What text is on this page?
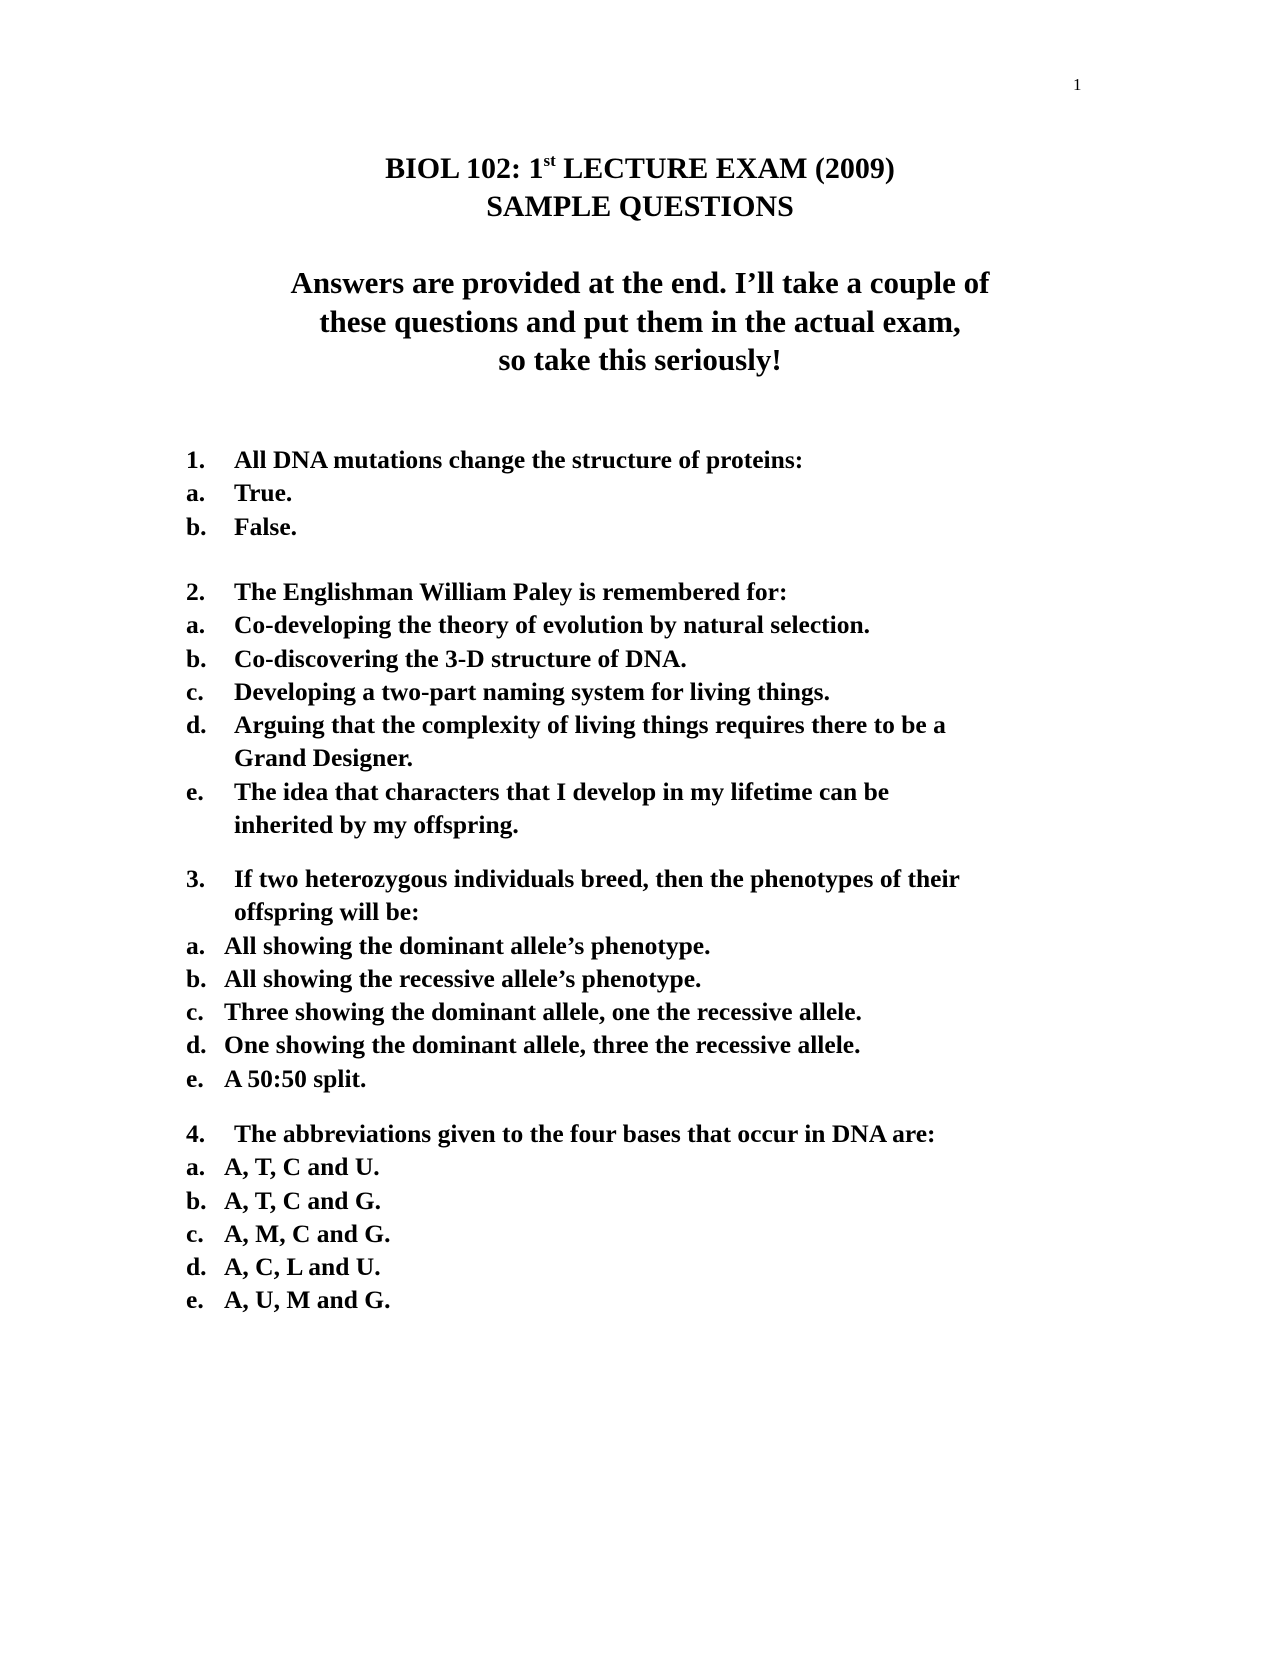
1
BIOL 102: 1st LECTURE EXAM (2009)
SAMPLE QUESTIONS
Answers are provided at the end. I’ll take a couple of
these questions and put them in the actual exam,
so take this seriously!
1.	All DNA mutations change the structure of proteins:
a.	True.
b.	False.
2.	The Englishman William Paley is remembered for:
a.	Co-developing the theory of evolution by natural selection.
b.	Co-discovering the 3-D structure of DNA.
c.	Developing a two-part naming system for living things.
d.	Arguing that the complexity of living things requires there to be a
Grand Designer.
e.	The idea that characters that I develop in my lifetime can be
inherited by my offspring.
3.	If two heterozygous individuals breed, then the phenotypes of their
offspring will be:
a. All showing the dominant allele’s phenotype.
b. All showing the recessive allele’s phenotype.
c. Three showing the dominant allele, one the recessive allele.
d. One showing the dominant allele, three the recessive allele.
e. A 50:50 split.
4.	The abbreviations given to the four bases that occur in DNA are:
a. A, T, C and U.
b. A, T, C and G.
c. A, M, C and G.
d. A, C, L and U.
e. A, U, M and G.
